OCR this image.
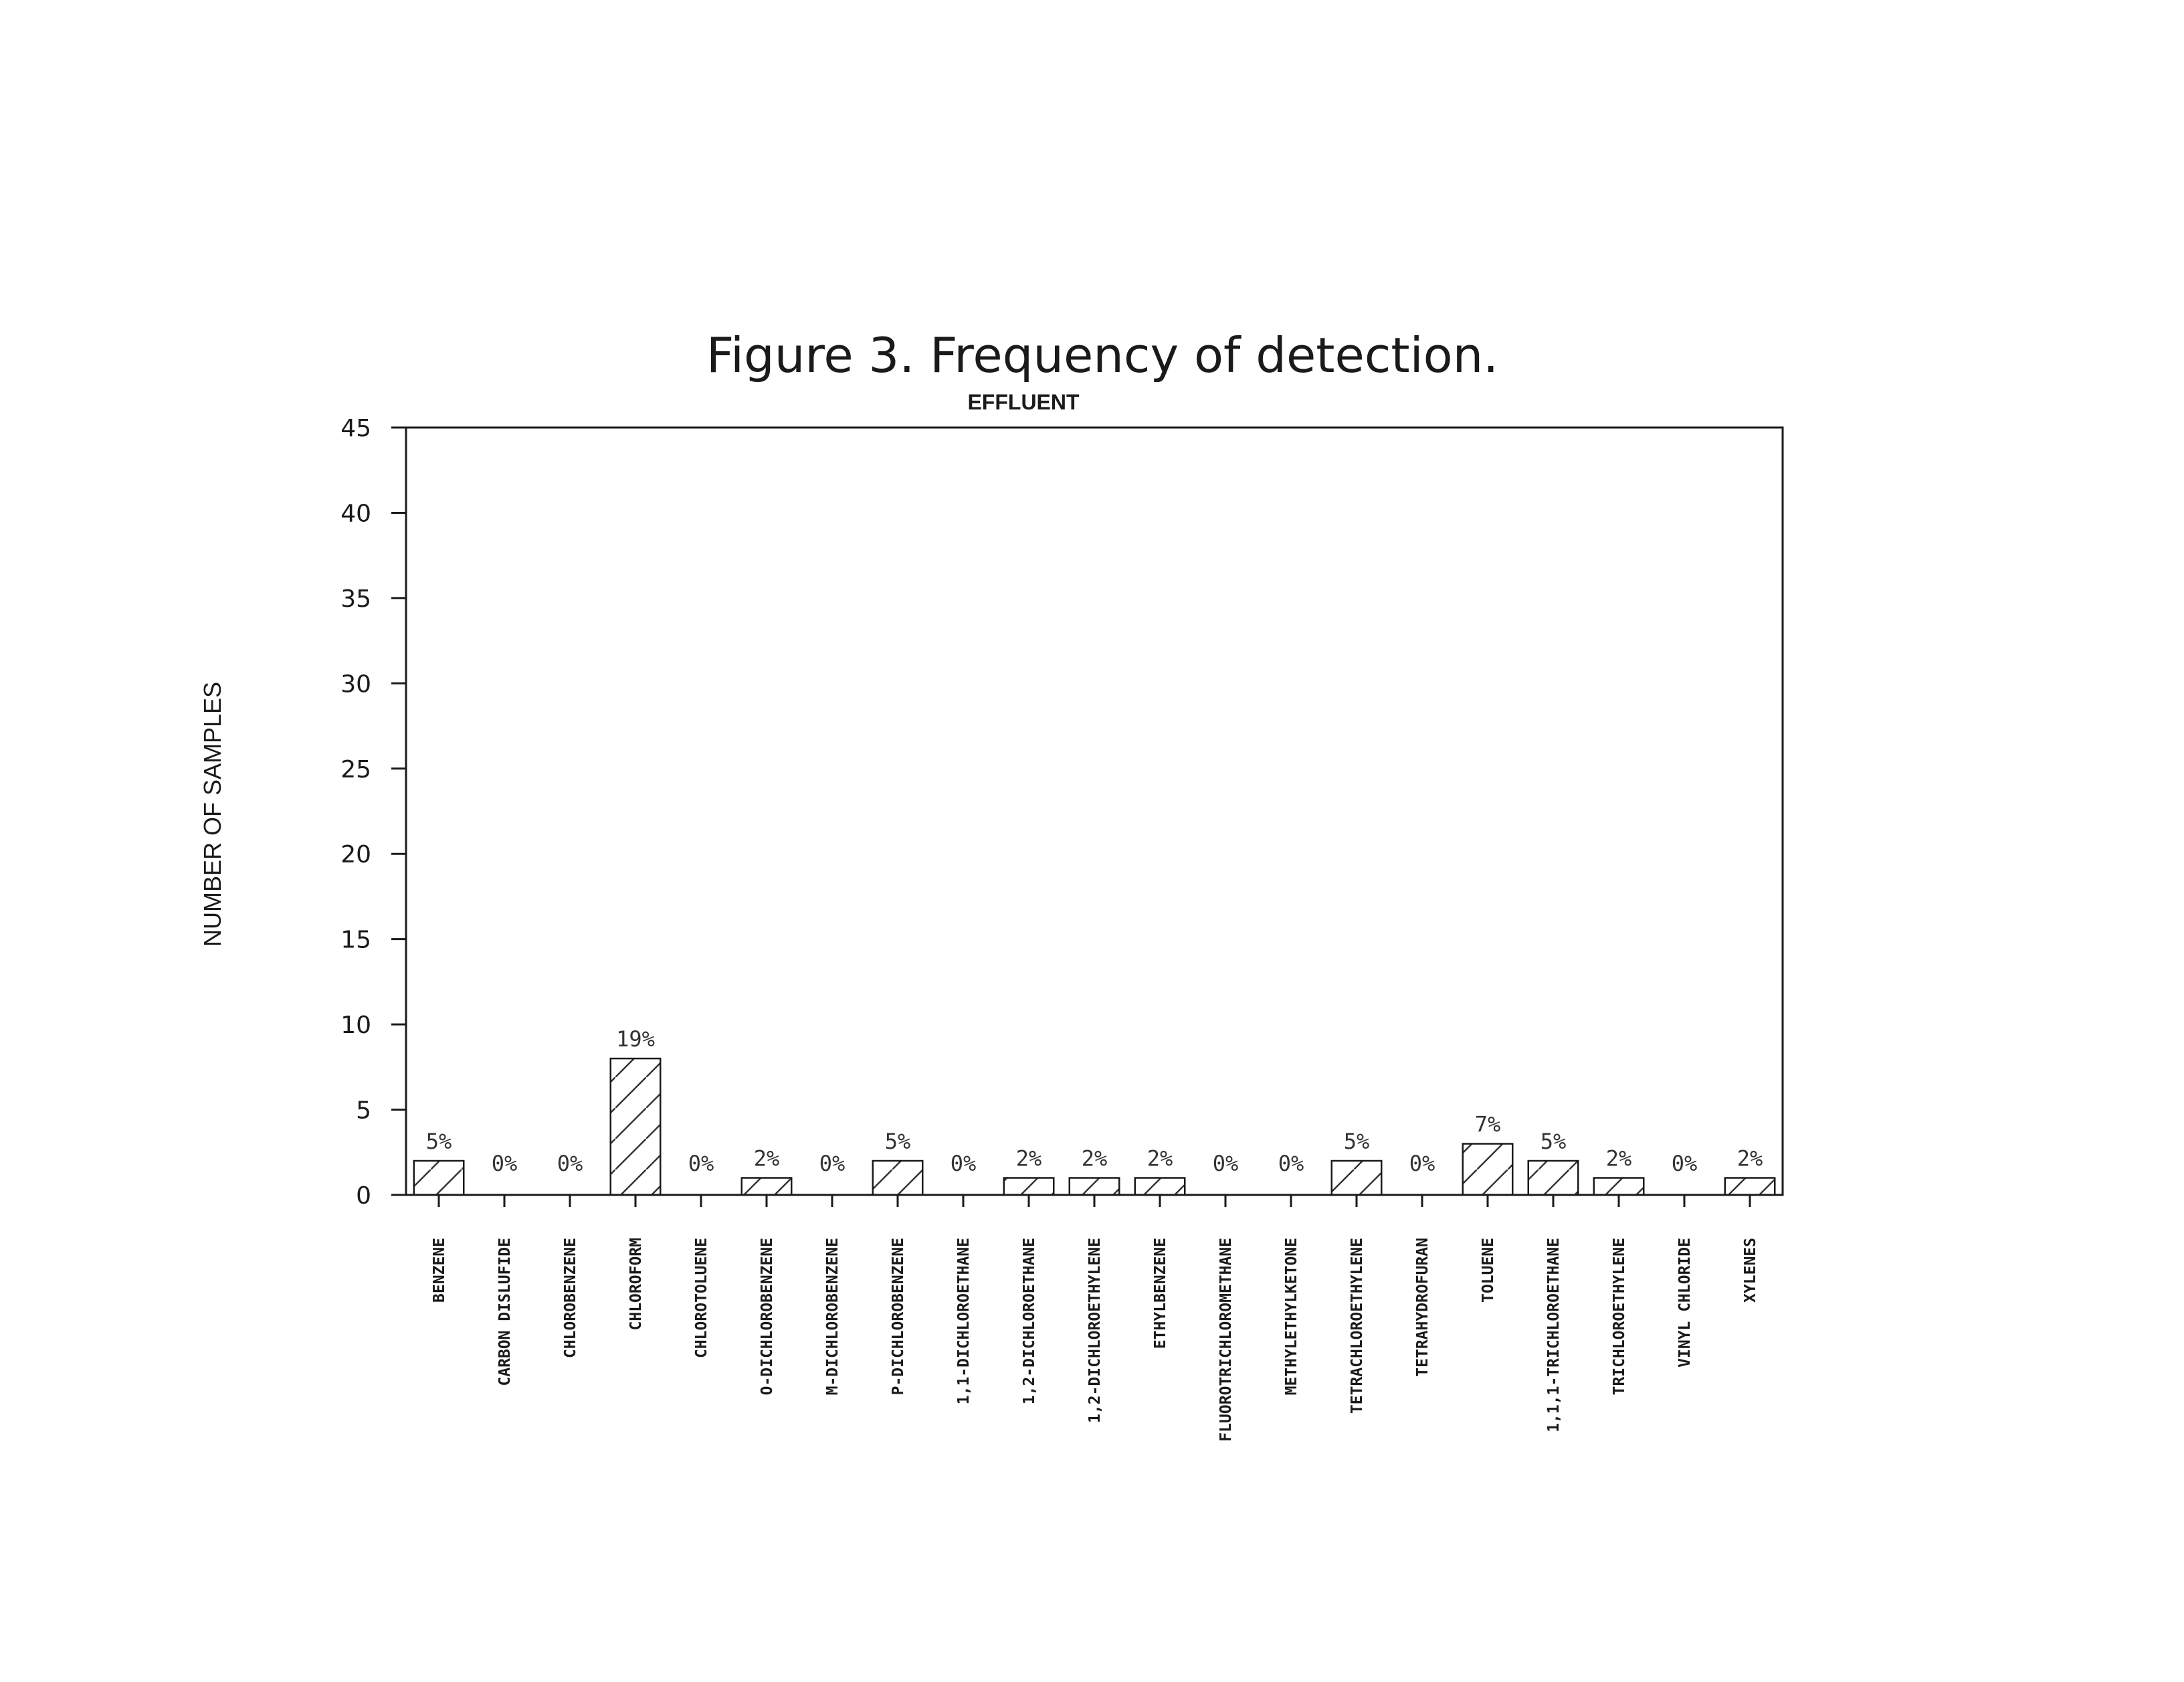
Figure 3. Frequency of detection.
EFFLUENT
NUMBER OF SAMPLES
0
5
10
15
20
25
30
35
40
45
5%
0% 0%
19%
0% 2% 0%
5%
0% 2% 2% 2% 0% 0%
5%
0%
7%
5%
2% 0% 2%
BENZENE	CARBON DISLUFIDE	CHLOROBENZENE	CHLOROFORM	CHLOROTOLUENE	O-DICHLOROBENZENE	M-DICHLOROBENZENE	P-DICHLOROBENZENE	1,1-DICHLOROETHANE	1,2-DICHLOROETHANE	1,2-DICHLOROETHYLENE	ETHYLBENZENE	FLUOROTRICHLOROMETHANE	METHYLETHYLKETONE	TETRACHLOROETHYLENE	TETRAHYDROFURAN	TOLUENE	1,1,1-TRICHLOROETHANE	TRICHLOROETHYLENE	VINYL CHLORIDE	XYLENES
